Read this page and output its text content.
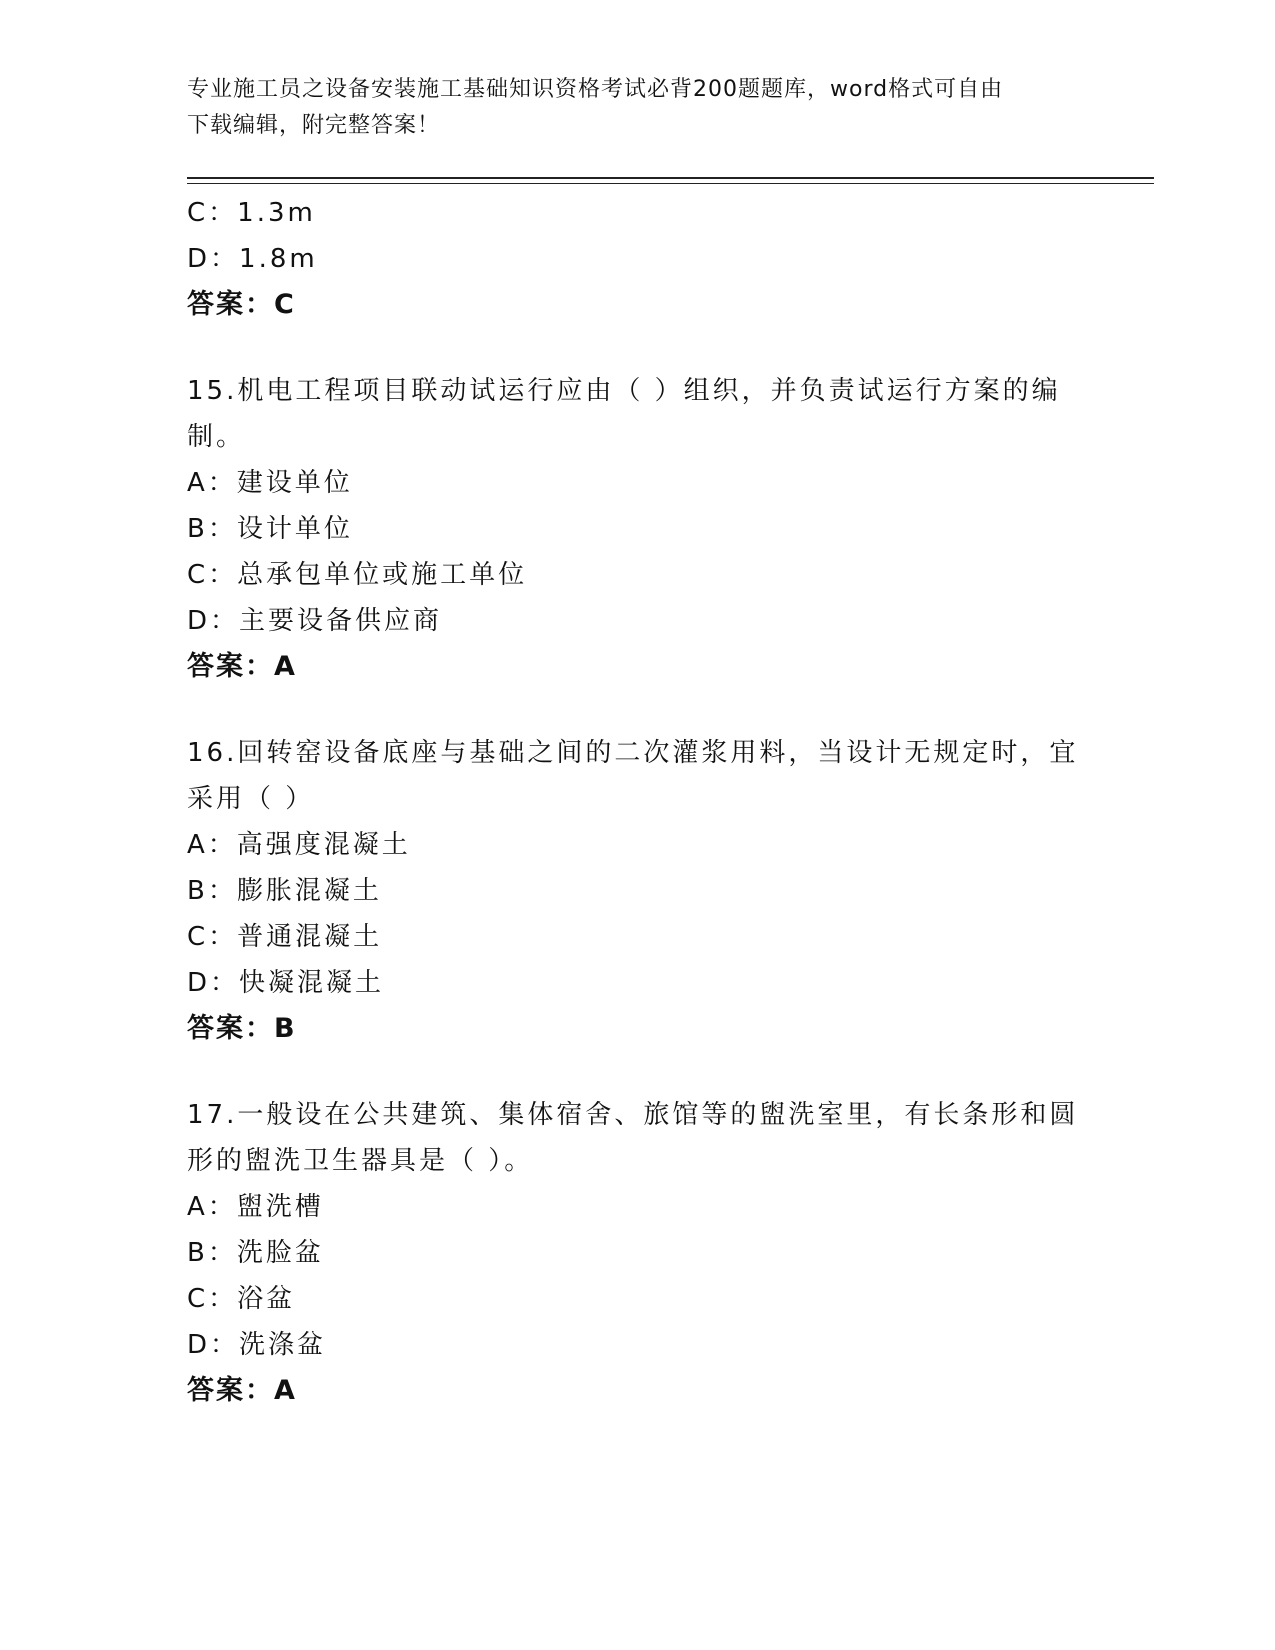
专业施工员之设备安装施工基础知识资格考试必背200题题库，word格式可自由
下载编辑，附完整答案！
C：1.3m
D：1.8m
答案：C
15.机电工程项目联动试运行应由（ ）组织，并负责试运行方案的编
制。
A：建设单位
B：设计单位
C：总承包单位或施工单位
D：主要设备供应商
答案：A
16.回转窑设备底座与基础之间的二次灌浆用料，当设计无规定时，宜
采用（ ）
A：高强度混凝土
B：膨胀混凝土
C：普通混凝土
D：快凝混凝土
答案：B
17.一般设在公共建筑、集体宿舍、旅馆等的盥洗室里，有长条形和圆
形的盥洗卫生器具是（ ）。
A：盥洗槽
B：洗脸盆
C：浴盆
D：洗涤盆
答案：A
